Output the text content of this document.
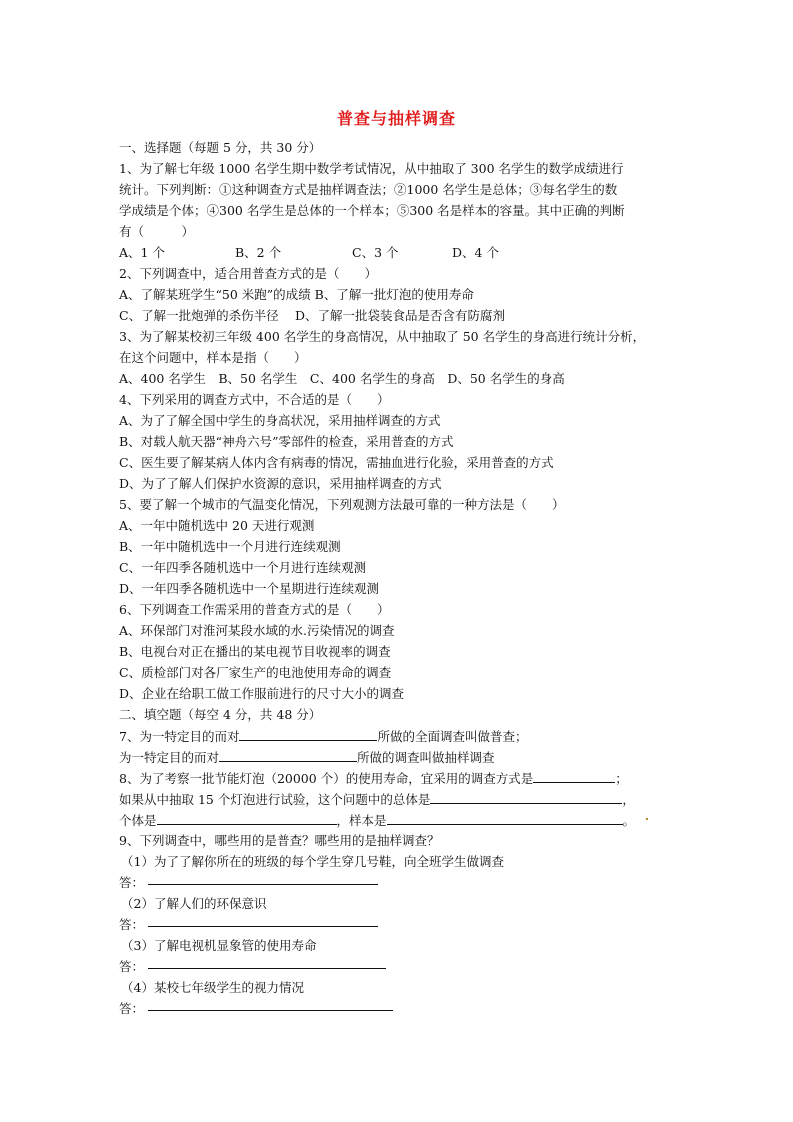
普查与抽样调查
一、选择题（每题 5 分，共 30 分）
1、为了解七年级 1000 名学生期中数学考试情况，从中抽取了 300 名学生的数学成绩进行
统计。下列判断：①这种调查方式是抽样调查法；②1000 名学生是总体；③每名学生的数
学成绩是个体；④300 名学生是总体的一个样本；⑤300 名是样本的容量。其中正确的判断
有（　　　）
A、1 个	B、2 个	C、3 个	D、4 个
2、下列调查中，适合用普查方式的是（　　）
A、了解某班学生“50 米跑”的成绩 B、了解一批灯泡的使用寿命
C、了解一批炮弹的杀伤半径　 D、了解一批袋装食品是否含有防腐剂
3、为了解某校初三年级 400 名学生的身高情况，从中抽取了 50 名学生的身高进行统计分析，
在这个问题中，样本是指（　　）
A、400 名学生　B、50 名学生　C、400 名学生的身高　D、50 名学生的身高
4、下列采用的调查方式中，不合适的是（　　）
A、为了了解全国中学生的身高状况，采用抽样调查的方式
B、对载人航天器“神舟六号”零部件的检查，采用普查的方式
C、医生要了解某病人体内含有病毒的情况，需抽血进行化验，采用普查的方式
D、为了了解人们保护水资源的意识，采用抽样调查的方式
5、要了解一个城市的气温变化情况，下列观测方法最可靠的一种方法是（　　）
A、一年中随机选中 20 天进行观测
B、一年中随机选中一个月进行连续观测
C、一年四季各随机选中一个月进行连续观测
D、一年四季各随机选中一个星期进行连续观测
6、下列调查工作需采用的普查方式的是（　　）
A、环保部门对淮河某段水域的水.污染情况的调查
B、电视台对正在播出的某电视节目收视率的调查
C、质检部门对各厂家生产的电池使用寿命的调查
D、企业在给职工做工作服前进行的尺寸大小的调查
二、填空题（每空 4 分，共 48 分）
7、为一特定目的而对	所做的全面调查叫做普查；
为一特定目的而对	所做的调查叫做抽样调查
8、为了考察一批节能灯泡（20000 个）的使用寿命，宜采用的调查方式是	；
如果从中抽取 15 个灯泡进行试验，这个问题中的总体是	，
个体是	，样本是	。
9、下列调查中，哪些用的是普查？哪些用的是抽样调查？
（1）为了了解你所在的班级的每个学生穿几号鞋，向全班学生做调查
答：
（2）了解人们的环保意识
答：
（3）了解电视机显象管的使用寿命
答：
（4）某校七年级学生的视力情况
答：
